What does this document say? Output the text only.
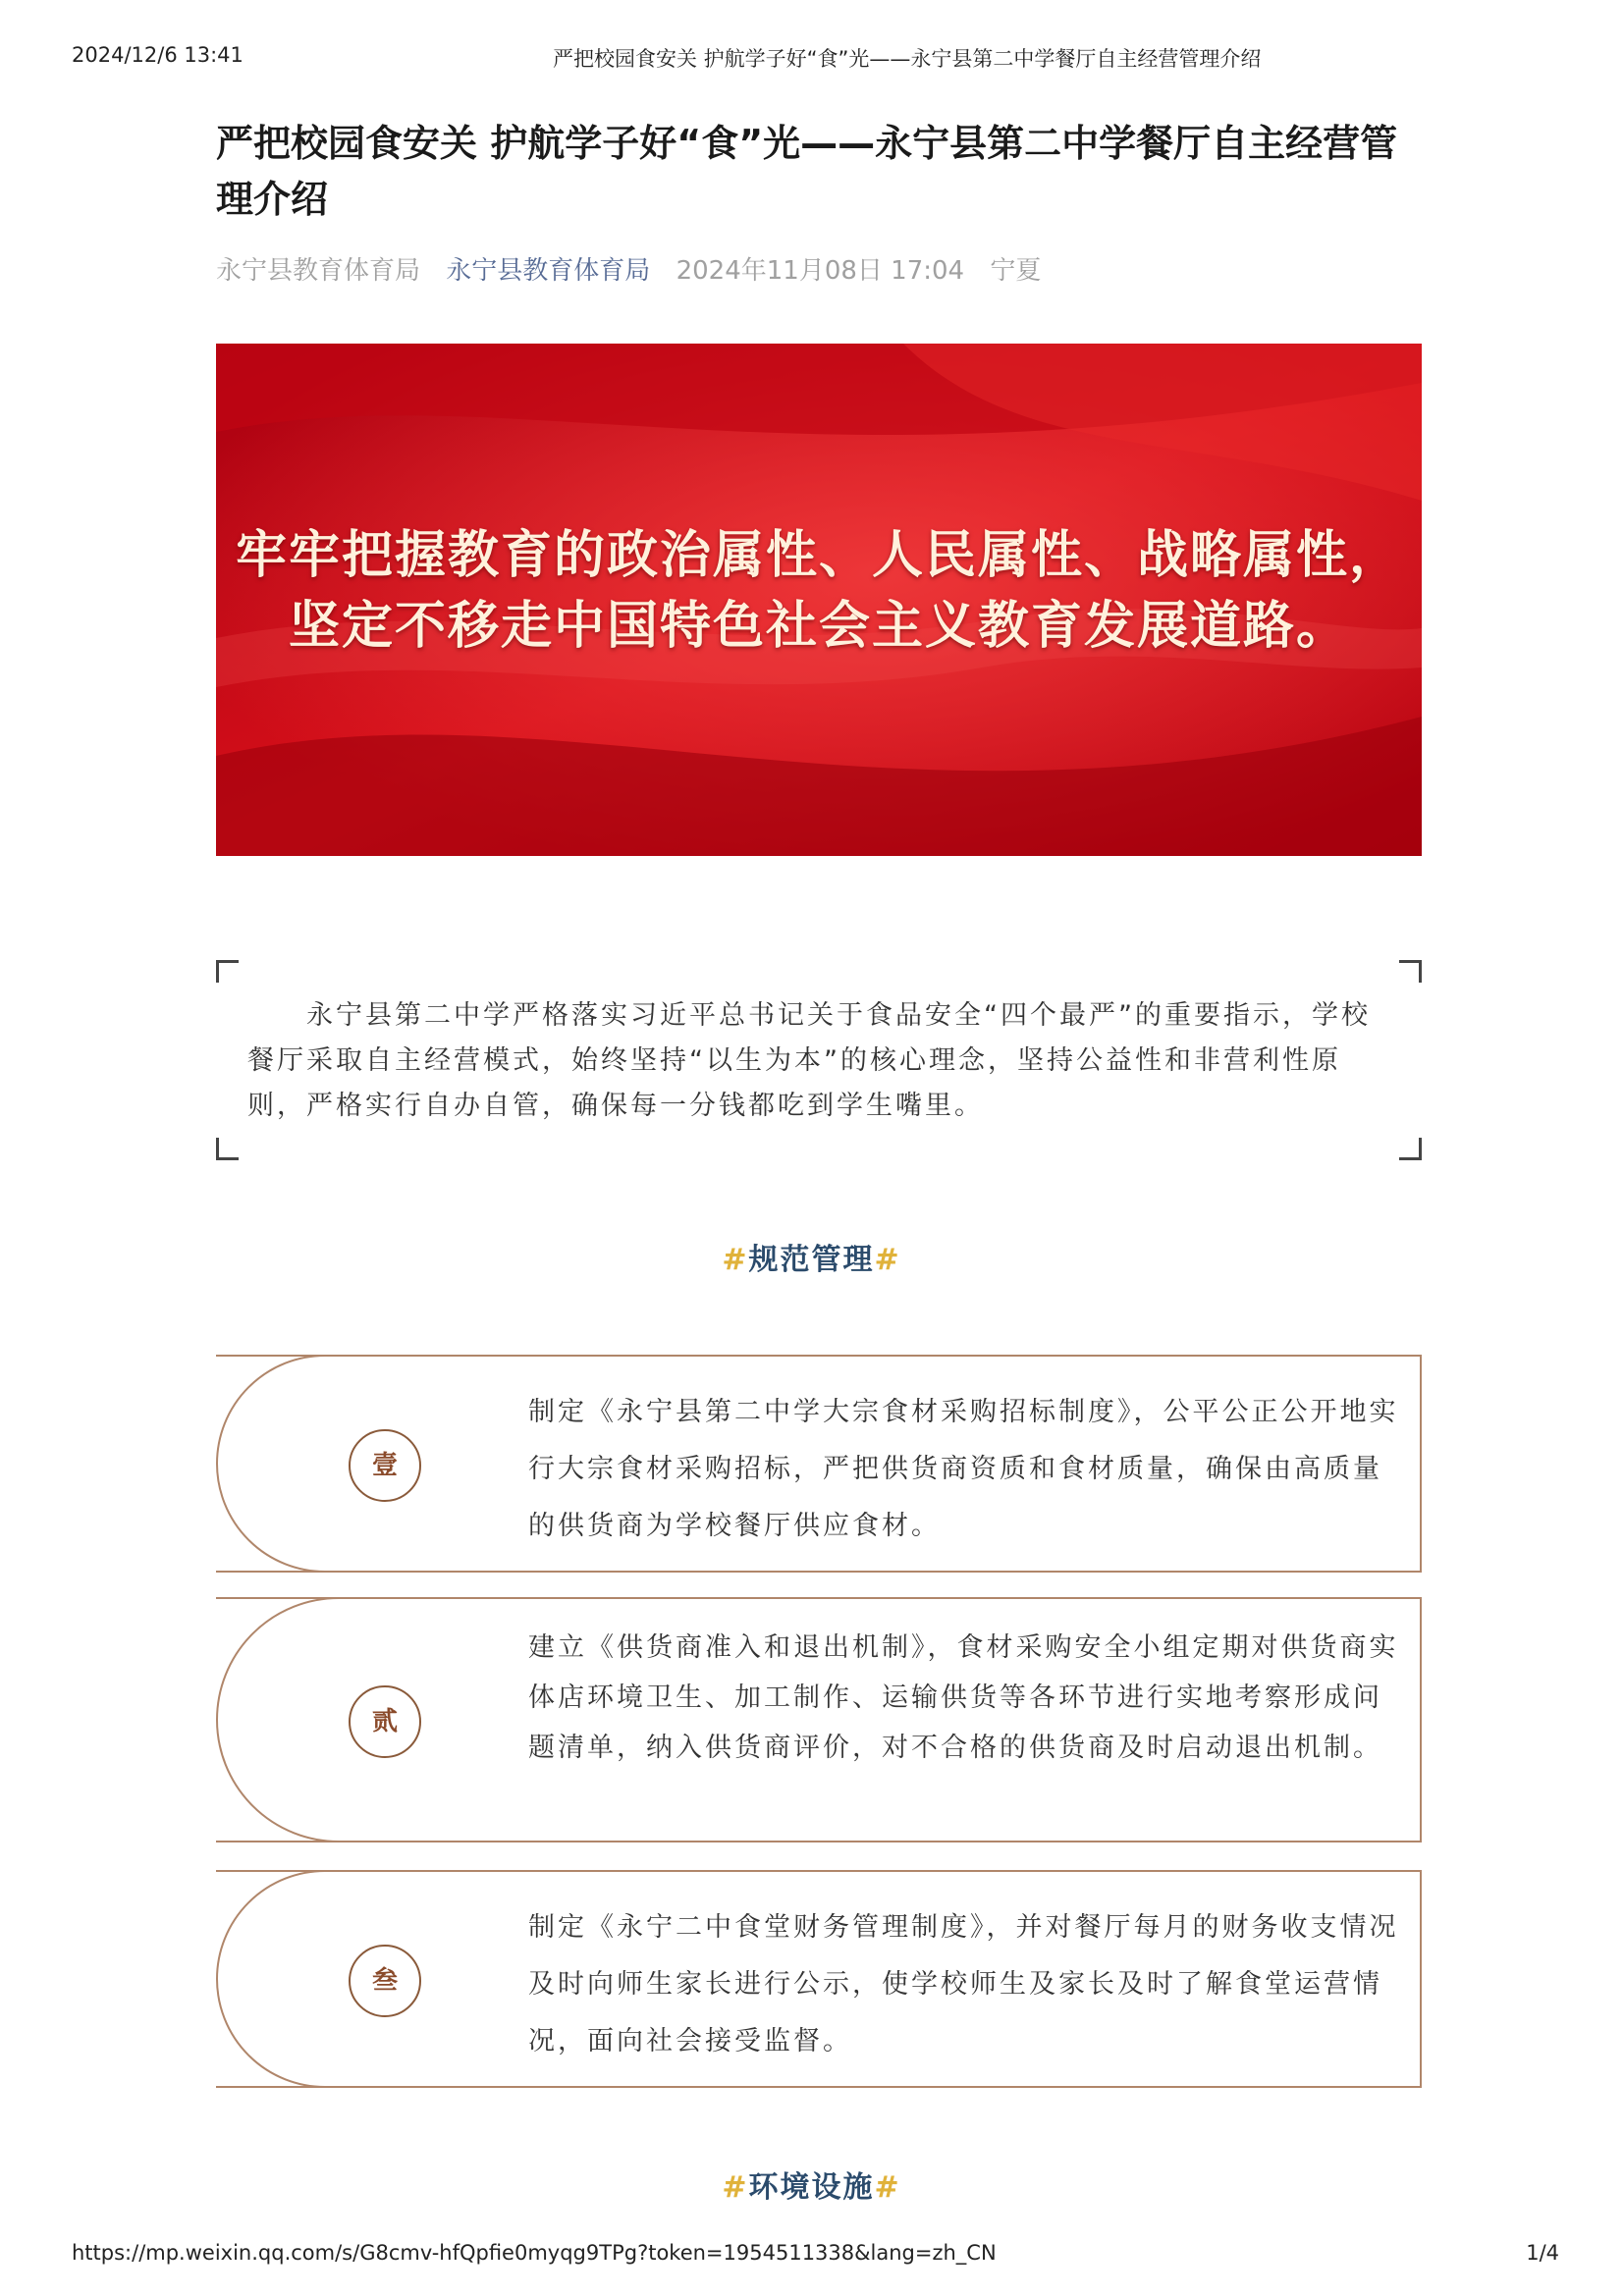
2024/12/6 13:41	严把校园食安关 护航学子好“食”光——永宁县第二中学餐厅自主经营管理介绍
严把校园食安关 护航学子好“食”光——永宁县第二中学餐厅自主经营管理介绍
永宁县教育体育局 永宁县教育体育局 2024年11月08日 17:04 宁夏
牢牢把握教育的政治属性、人民属性、战略属性，
坚定不移走中国特色社会主义教育发展道路。
永宁县第二中学严格落实习近平总书记关于食品安全“四个最严”的重要指示，学校餐厅采取自主经营模式，始终坚持“以生为本”的核心理念，坚持公益性和非营利性原则，严格实行自办自管，确保每一分钱都吃到学生嘴里。
#规范管理#
壹
制定《永宁县第二中学大宗食材采购招标制度》，公平公正公开地实行大宗食材采购招标，严把供货商资质和食材质量，确保由高质量的供货商为学校餐厅供应食材。
贰
建立《供货商准入和退出机制》，食材采购安全小组定期对供货商实体店环境卫生、加工制作、运输供货等各环节进行实地考察形成问题清单，纳入供货商评价，对不合格的供货商及时启动退出机制。
叁
制定《永宁二中食堂财务管理制度》，并对餐厅每月的财务收支情况及时向师生家长进行公示，使学校师生及家长及时了解食堂运营情况，面向社会接受监督。
#环境设施#
https://mp.weixin.qq.com/s/G8cmv-hfQpfie0myqg9TPg?token=1954511338&lang=zh_CN	1/4
